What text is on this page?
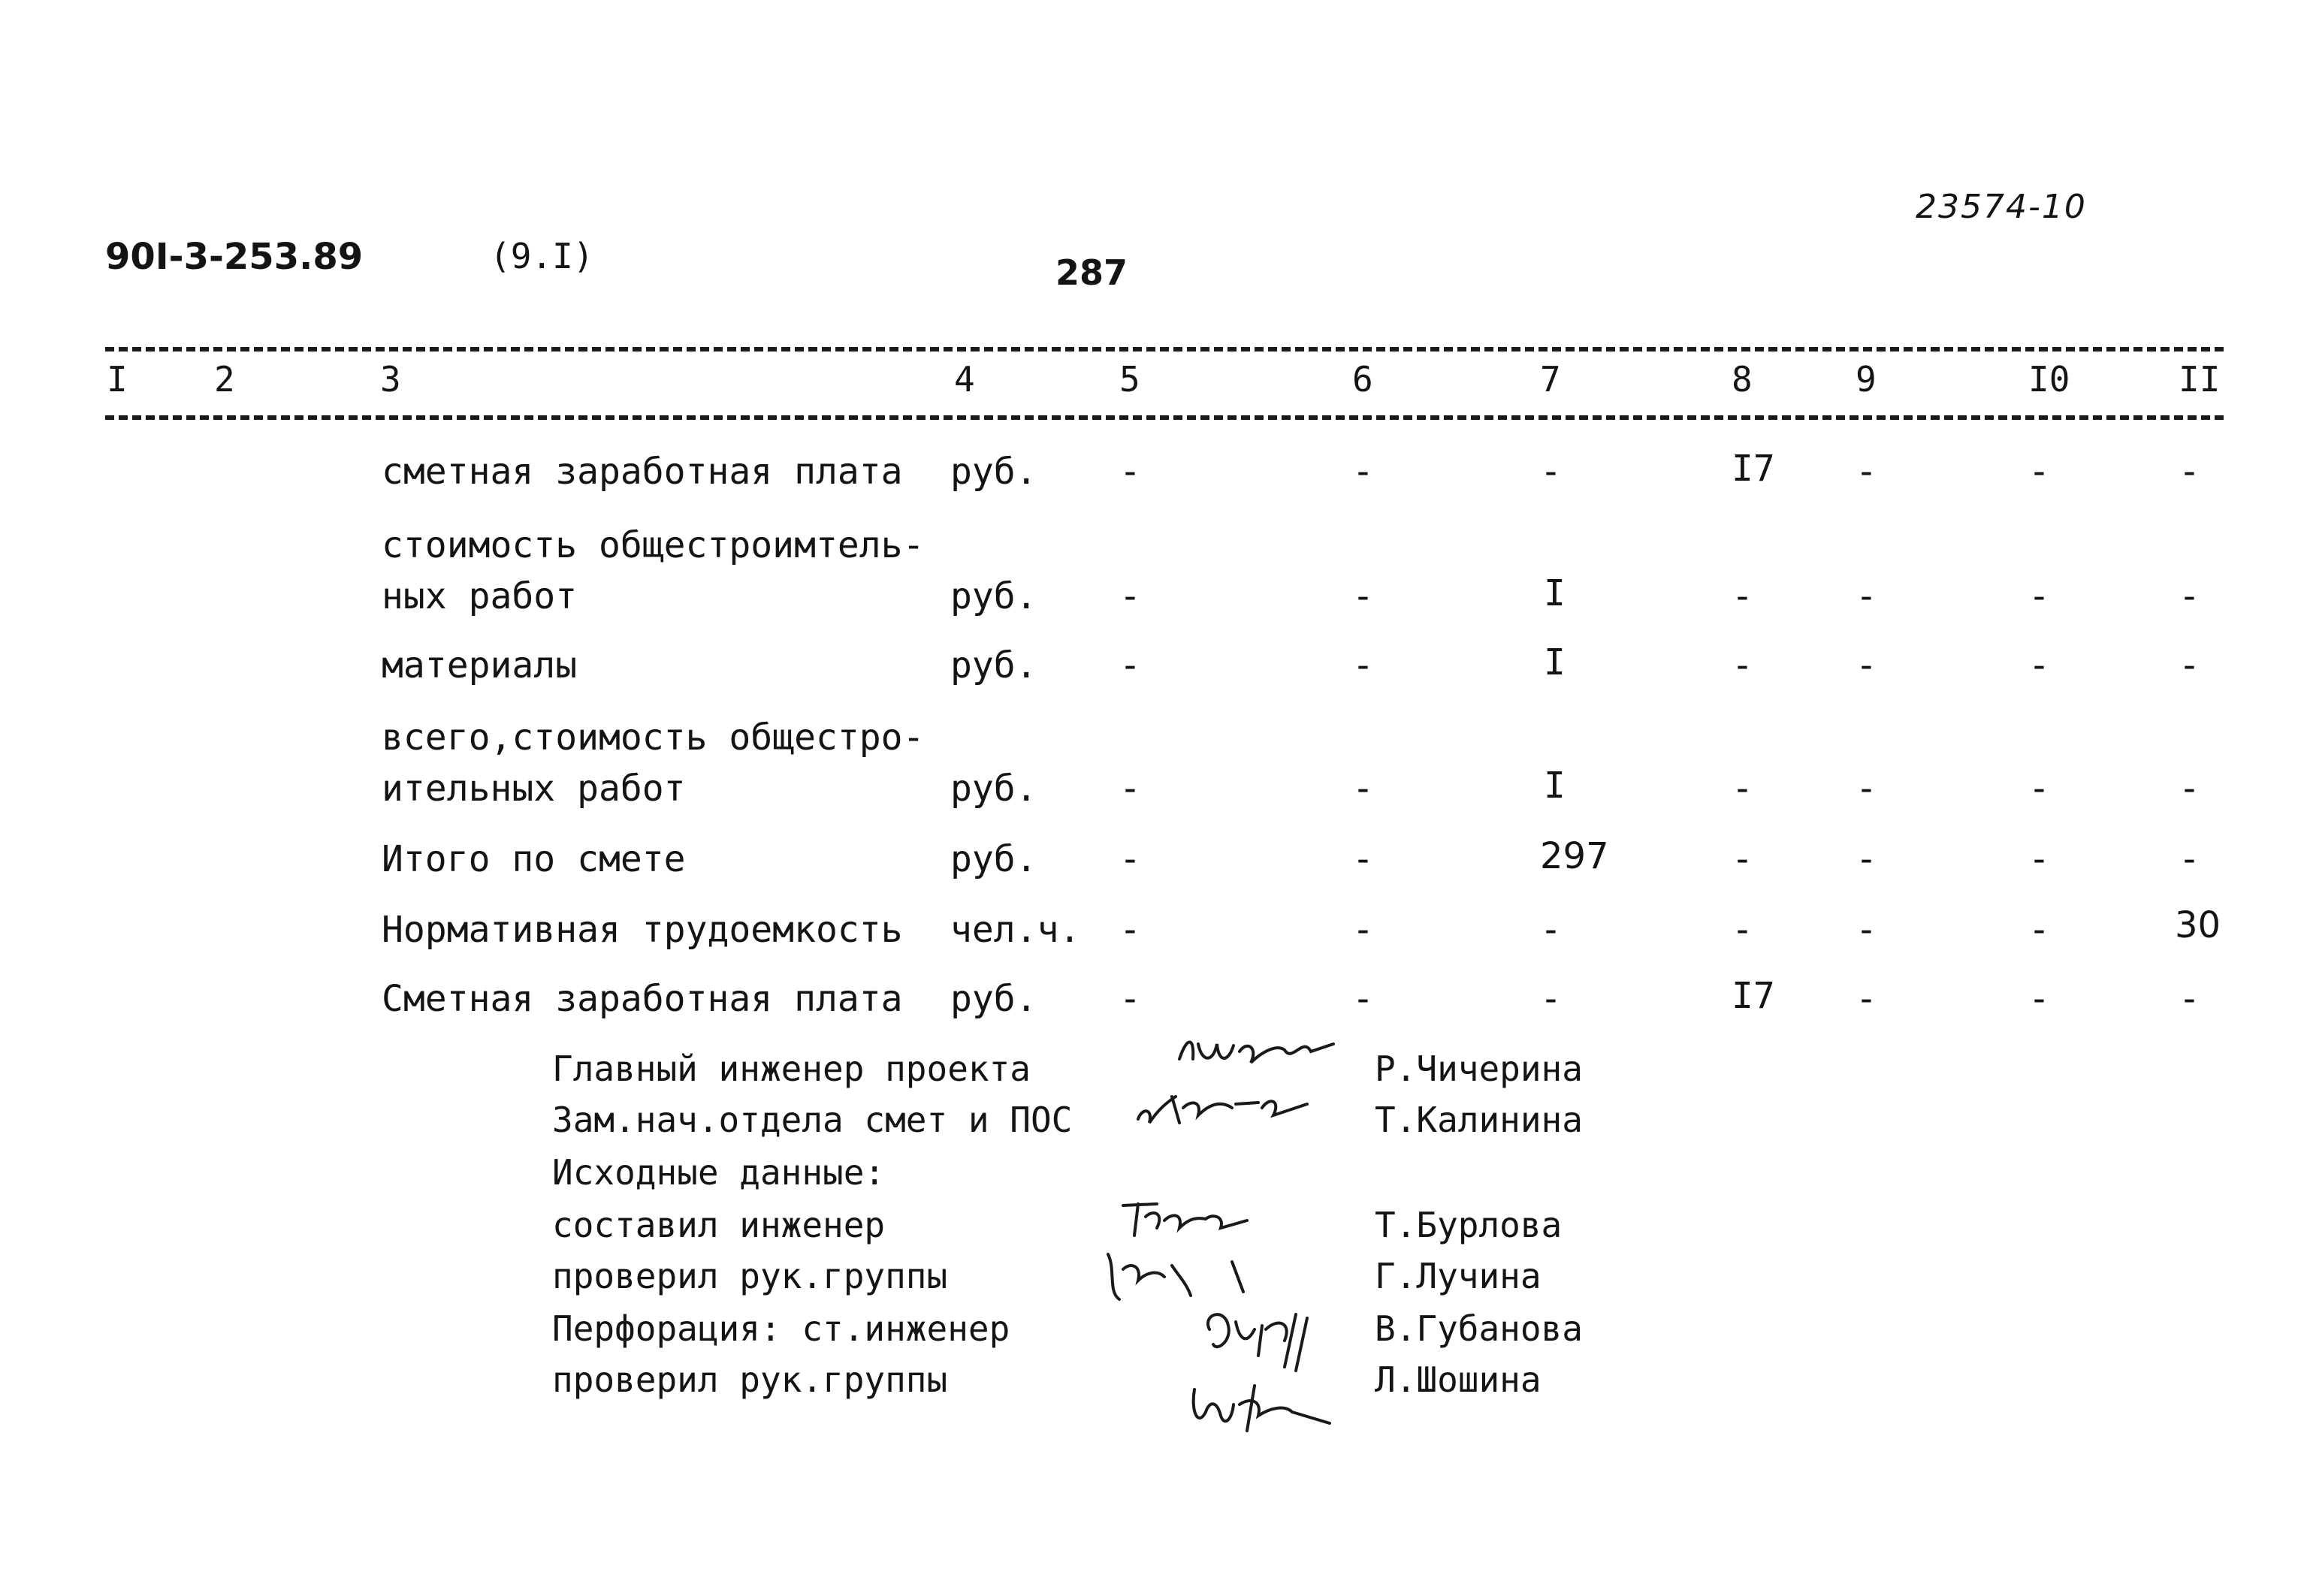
90I-3-253.89	(9.I)	287
23574-10
I	2	3	4	5	6	7	8	9	I0	II
сметная заработная плата руб. -	-	-	I7 -	-	-
стоимость общестроимтель-
ных работ	руб. -	-	I	-	-	-	-
материалы	руб. -	-	I	-	-	-	-
всего,стоимость общестро-
ительных работ	руб. -	-	I	-	-	-	-
Итого по смете	руб. -	-	297	-	-	-	-
Нормативная трудоемкость чел.ч. -	-	-	-	-	-	30
Сметная заработная плата руб. -	-	-	I7 -	-	-
Главный инженер проекта	Р.Чичерина
Зам.нач.отдела смет и ПОС	Т.Калинина
Исходные данные:
составил инженер	Т.Бурлова
проверил рук.группы	Г.Лучина
Перфорация: ст.инженер	В.Губанова
проверил рук.группы	Л.Шошина
